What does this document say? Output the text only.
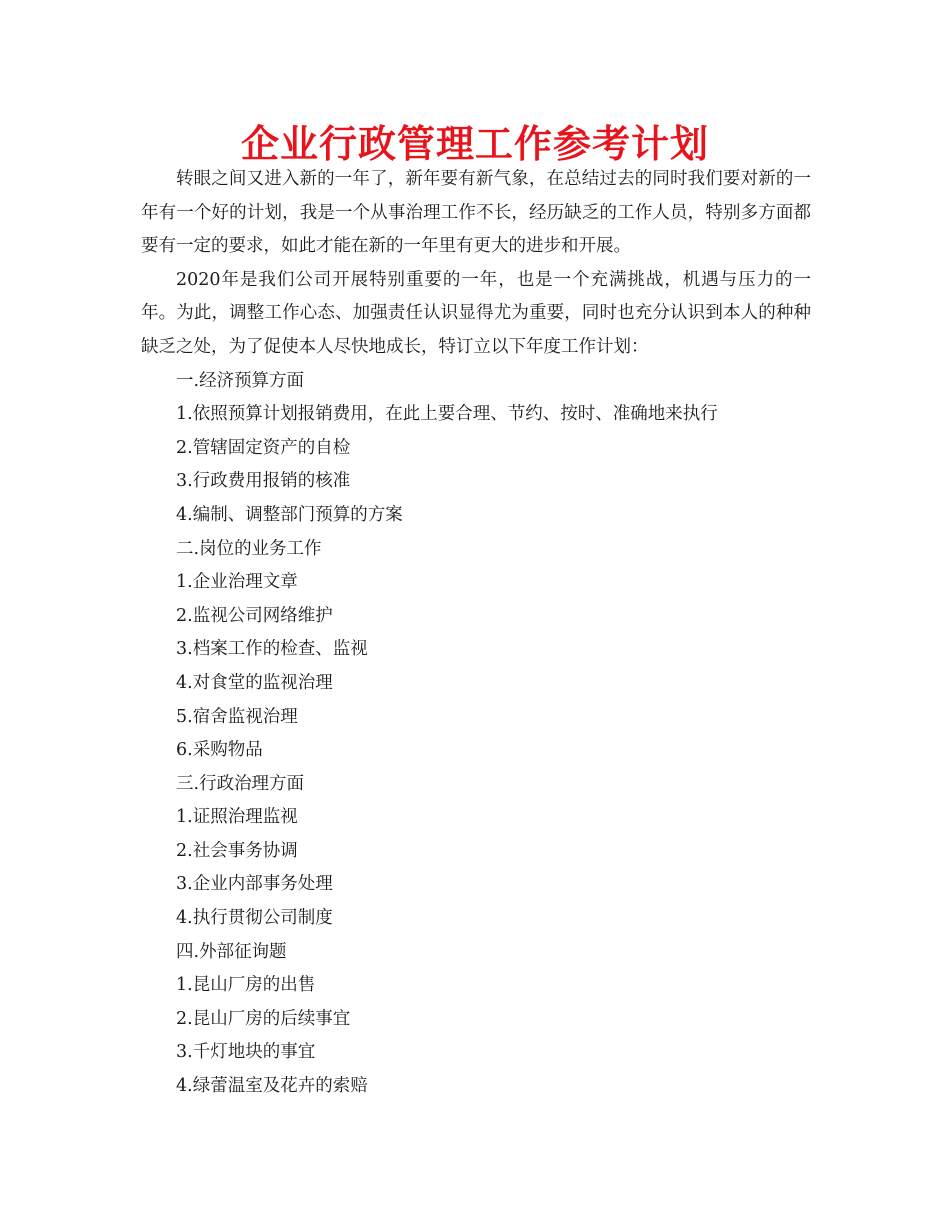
企业行政管理工作参考计划

转眼之间又进入新的一年了，新年要有新气象，在总结过去的同时我们要对新的一年有一个好的计划，我是一个从事治理工作不长，经历缺乏的工作人员，特别多方面都要有一定的要求，如此才能在新的一年里有更大的进步和开展。

2020年是我们公司开展特别重要的一年，也是一个充满挑战，机遇与压力的一年。为此，调整工作心态、加强责任认识显得尤为重要，同时也充分认识到本人的种种缺乏之处，为了促使本人尽快地成长，特订立以下年度工作计划：

一.经济预算方面
1.依照预算计划报销费用，在此上要合理、节约、按时、准确地来执行
2.管辖固定资产的自检
3.行政费用报销的核准
4.编制、调整部门预算的方案
二.岗位的业务工作
1.企业治理文章
2.监视公司网络维护
3.档案工作的检查、监视
4.对食堂的监视治理
5.宿舍监视治理
6.采购物品
三.行政治理方面
1.证照治理监视
2.社会事务协调
3.企业内部事务处理
4.执行贯彻公司制度
四.外部征询题
1.昆山厂房的出售
2.昆山厂房的后续事宜
3.千灯地块的事宜
4.绿蕾温室及花卉的索赔
